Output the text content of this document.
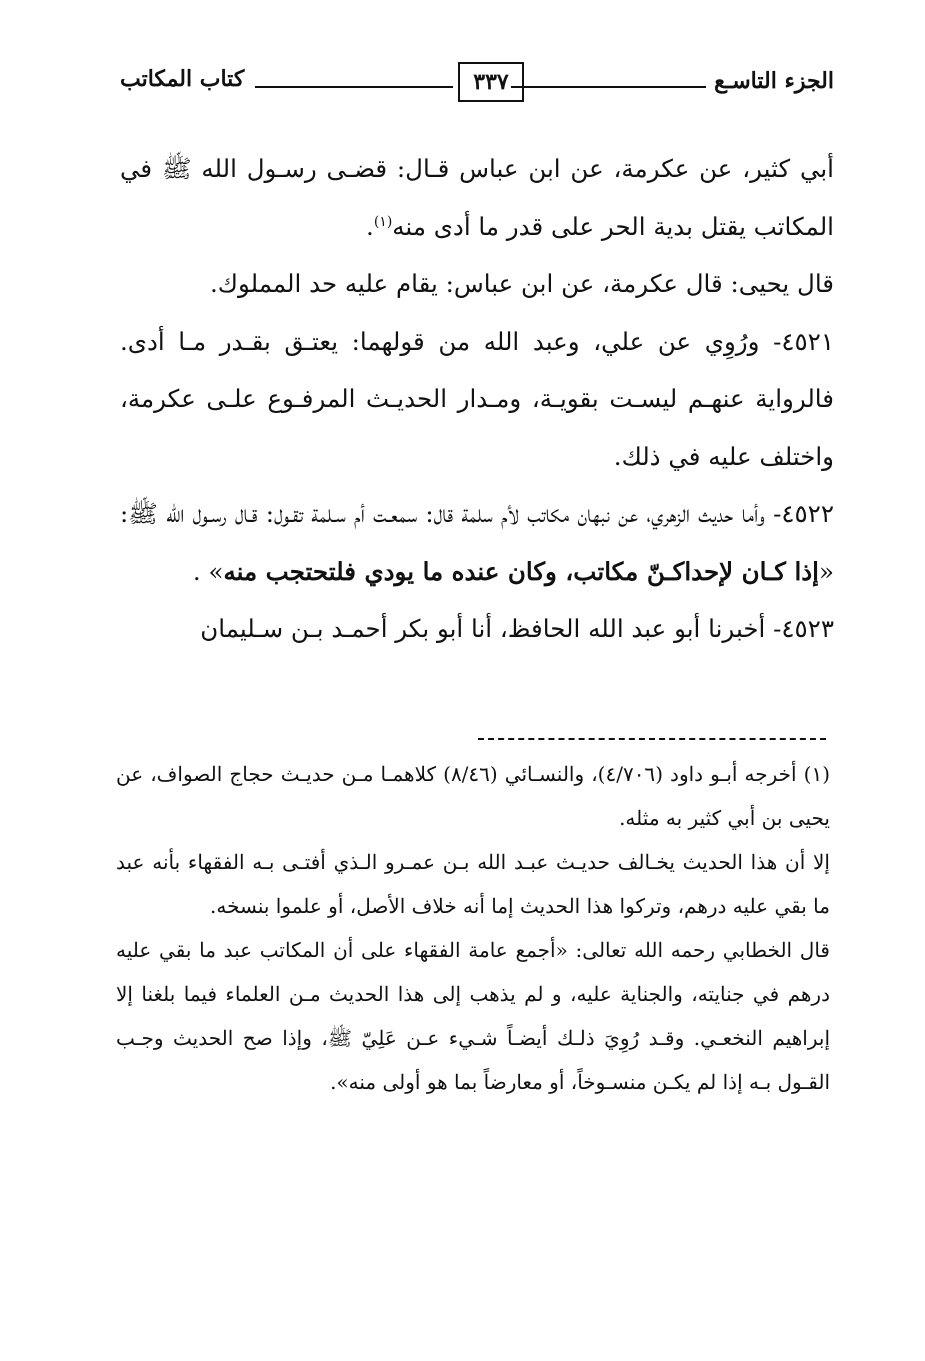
الجزء التاسـع
٣٣٧
كتاب المكاتب

أبي كثير، عن عكرمة، عن ابن عباس قـال: قضـى رسـول الله ﷺ في المكاتب يقتل بدية الحر على قدر ما أدى منه$^{(١)}$.

قال يحيى: قال عكرمة، عن ابن عباس: يقام عليه حد المملوك.

٤٥٢١- ورُوِي عن علي، وعبد الله من قولهما: يعتـق بقـدر مـا أدى. فالرواية عنهـم ليسـت بقويـة، ومـدار الحديـث المرفـوع علـى عكرمة، واختلف عليه في ذلك.

٤٥٢٢- وأما حديث الزهري، عن نبهان مكاتب لأم سلمة قال: سمعـت أم سـلمة تقـول: قـال رسـول الله ﷺ: «إذا كـان لإحداكـنّ مكاتب، وكان عنده ما يودي فلتحتجب منه» .

٤٥٢٣- أخبرنا أبو عبد الله الحافظ، أنا أبو بكر أحمـد بـن سـليمان

(١) أخرجه أبـو داود (٤/٧٠٦)، والنسـائي (٨/٤٦) كلاهمـا مـن حديـث حجاج الصواف، عن يحيى بن أبي كثير به مثله.

إلا أن هذا الحديث يخـالف حديـث عبـد الله بـن عمـرو الـذي أفتـى بـه الفقهاء بأنه عبد ما بقي عليه درهم، وتركوا هذا الحديث إما أنه خلاف الأصل، أو علموا بنسخه.

قال الخطابي رحمه الله تعالى: «أجمع عامة الفقهاء على أن المكاتب عبد ما بقي عليه درهم في جنايته، والجناية عليه، و لم يذهب إلى هذا الحديث مـن العلماء فيما بلغنا إلا إبراهيم النخعـي. وقـد رُوِيَ ذلـك أيضـاً شـيء عـن عَلِيّ ﷺ، وإذا صح الحديث وجـب القـول بـه إذا لم يكـن منسـوخاً، أو معارضاً بما هو أولى منه».
